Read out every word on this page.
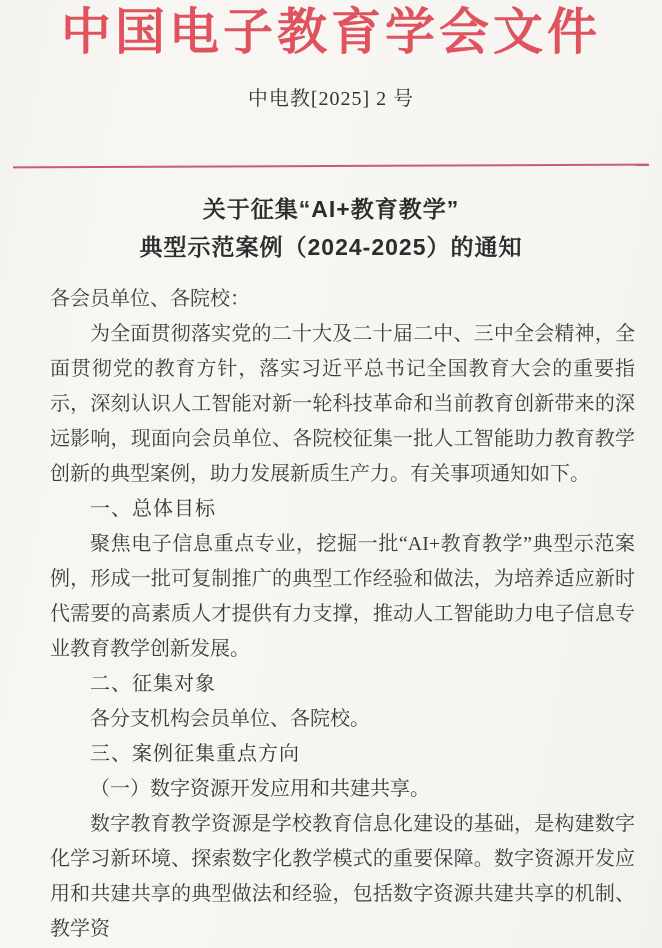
中国电子教育学会文件
中电教[2025] 2 号
关于征集“AI+教育教学”
典型示范案例（2024-2025）的通知

各会员单位、各院校：

为全面贯彻落实党的二十大及二十届二中、三中全会精神，全面贯彻党的教育方针，落实习近平总书记全国教育大会的重要指示，深刻认识人工智能对新一轮科技革命和当前教育创新带来的深远影响，现面向会员单位、各院校征集一批人工智能助力教育教学创新的典型案例，助力发展新质生产力。有关事项通知如下。

一、总体目标

聚焦电子信息重点专业，挖掘一批“AI+教育教学”典型示范案例，形成一批可复制推广的典型工作经验和做法，为培养适应新时代需要的高素质人才提供有力支撑，推动人工智能助力电子信息专业教育教学创新发展。

二、征集对象

各分支机构会员单位、各院校。

三、案例征集重点方向

（一）数字资源开发应用和共建共享。

数字教育教学资源是学校教育信息化建设的基础，是构建数字化学习新环境、探索数字化教学模式的重要保障。数字资源开发应用和共建共享的典型做法和经验，包括数字资源共建共享的机制、教学资
